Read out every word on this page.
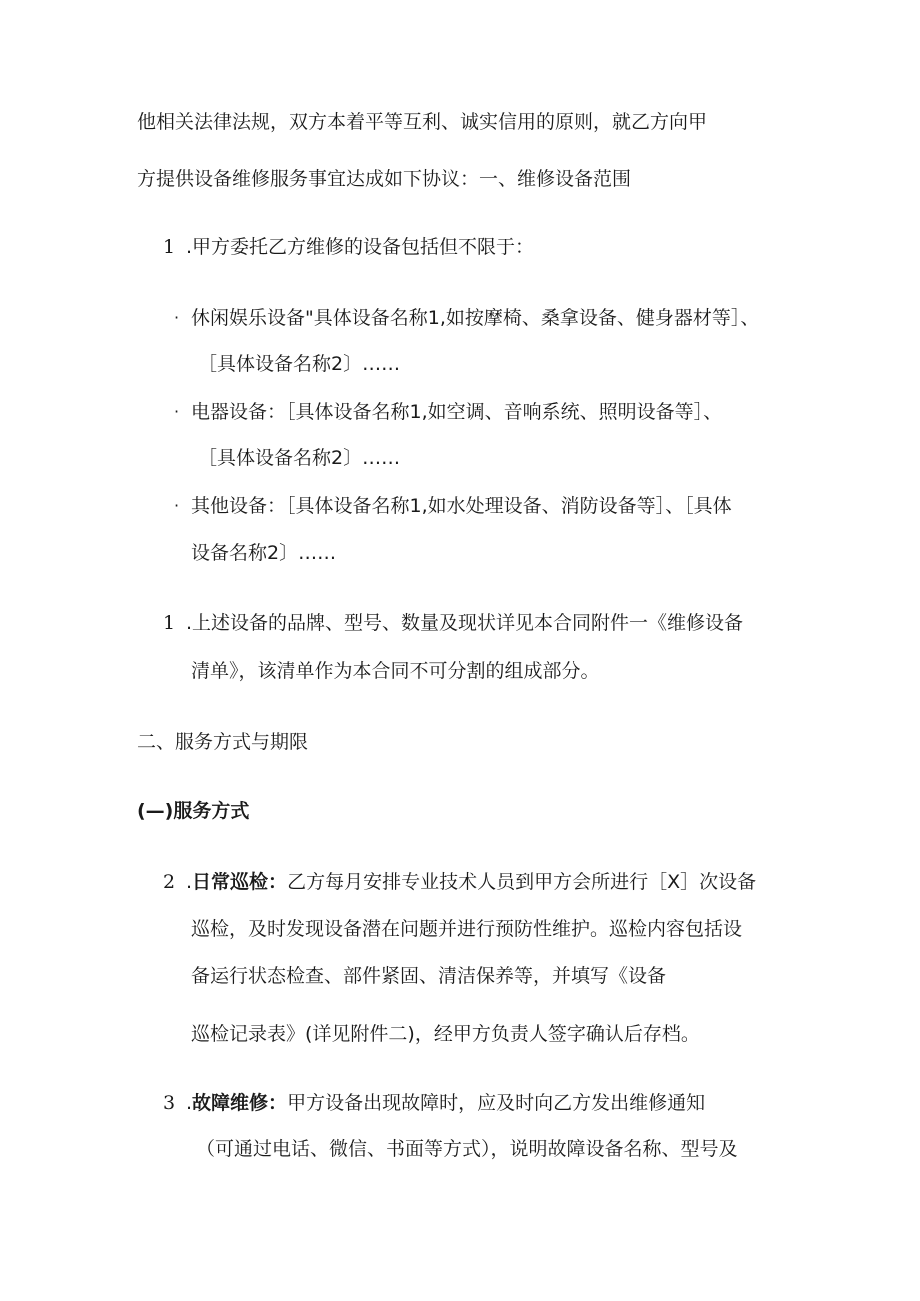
他相关法律法规，双方本着平等互利、诚实信用的原则，就乙方向甲
方提供设备维修服务事宜达成如下协议：一、维修设备范围
1 .甲方委托乙方维修的设备包括但不限于：
· 休闲娱乐设备"具体设备名称1,如按摩椅、桑拿设备、健身器材等］、
［具体设备名称2〕……
· 电器设备：［具体设备名称1,如空调、音响系统、照明设备等］、
［具体设备名称2〕……
· 其他设备：［具体设备名称1,如水处理设备、消防设备等］、［具体
设备名称2〕……
1 .上述设备的品牌、型号、数量及现状详见本合同附件一《维修设备
清单》，该清单作为本合同不可分割的组成部分。
二、服务方式与期限
(—)服务方式
2 .日常巡检：乙方每月安排专业技术人员到甲方会所进行［X］次设备
巡检，及时发现设备潜在问题并进行预防性维护。巡检内容包括设
备运行状态检查、部件紧固、清洁保养等，并填写《设备
巡检记录表》(详见附件二)，经甲方负责人签字确认后存档。
3 .故障维修：甲方设备出现故障时，应及时向乙方发出维修通知
（可通过电话、微信、书面等方式），说明故障设备名称、型号及
